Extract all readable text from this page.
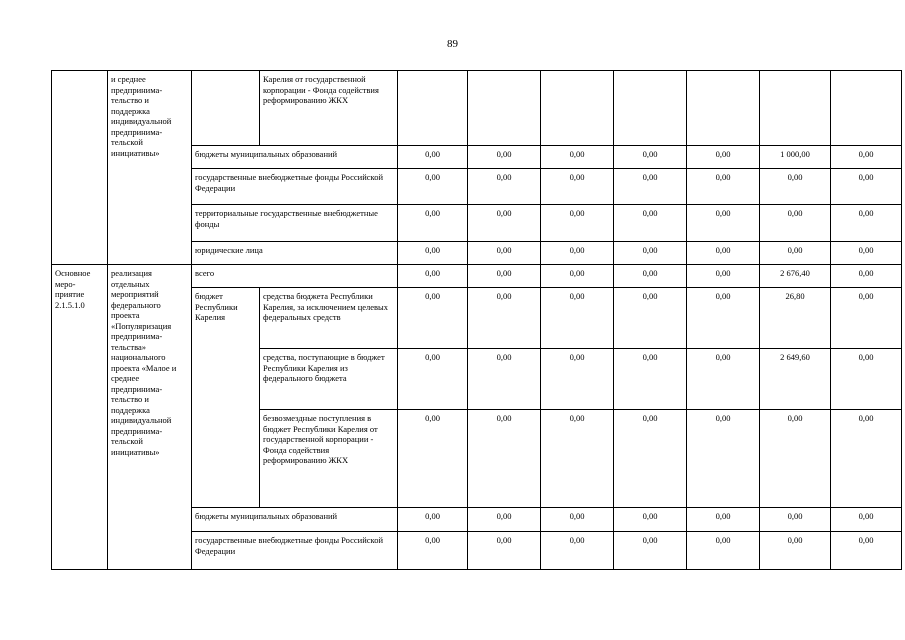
89
	и среднее предпринима-тельство и поддержка индивидуальной предпринима-тельской инициативы»		Карелия от государственной корпорации - Фонда содействия реформированию ЖКХ							
		бюджеты муниципальных образований		0,00	0,00	0,00	0,00	0,00	1 000,00	0,00
		государственные внебюджетные фонды Российской Федерации		0,00	0,00	0,00	0,00	0,00	0,00	0,00
		территориальные государственные внебюджетные фонды		0,00	0,00	0,00	0,00	0,00	0,00	0,00
		юридические лица		0,00	0,00	0,00	0,00	0,00	0,00	0,00
Основное меро-приятие 2.1.5.1.0	реализация отдельных мероприятий федерального проекта «Популяризация предпринима-тельства» национального проекта «Малое и среднее предпринима-тельство и поддержка индивидуальной предпринима-тельской инициативы»	всего		0,00	0,00	0,00	0,00	0,00	2 676,40	0,00
		бюджет Республики Карелия	средства бюджета Республики Карелия, за исключением целевых федеральных средств	0,00	0,00	0,00	0,00	0,00	26,80	0,00
			средства, поступающие в бюджет Республики Карелия из федерального бюджета	0,00	0,00	0,00	0,00	0,00	2 649,60	0,00
			безвозмездные поступления в бюджет Республики Карелия от государственной корпорации - Фонда содействия реформированию ЖКХ	0,00	0,00	0,00	0,00	0,00	0,00	0,00
		бюджеты муниципальных образований		0,00	0,00	0,00	0,00	0,00	0,00	0,00
		государственные внебюджетные фонды Российской Федерации		0,00	0,00	0,00	0,00	0,00	0,00	0,00
